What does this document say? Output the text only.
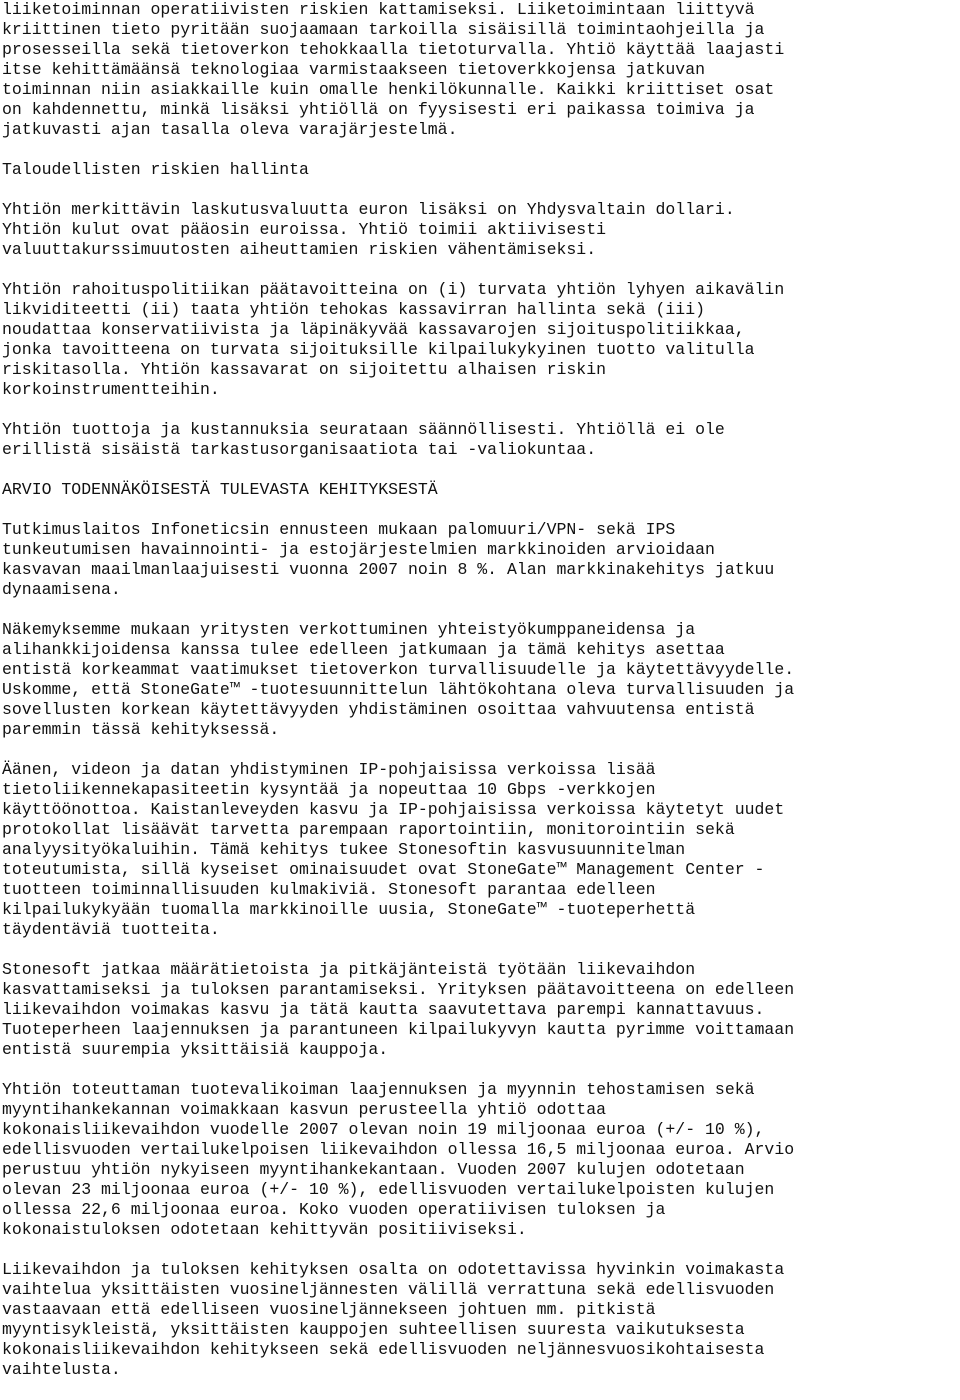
liiketoiminnan operatiivisten riskien kattamiseksi. Liiketoimintaan liittyvä
kriittinen tieto pyritään suojaamaan tarkoilla sisäisillä toimintaohjeilla ja
prosesseilla sekä tietoverkon tehokkaalla tietoturvalla. Yhtiö käyttää laajasti
itse kehittämäänsä teknologiaa varmistaakseen tietoverkkojensa jatkuvan
toiminnan niin asiakkaille kuin omalle henkilökunnalle. Kaikki kriittiset osat
on kahdennettu, minkä lisäksi yhtiöllä on fyysisesti eri paikassa toimiva ja
jatkuvasti ajan tasalla oleva varajärjestelmä.

Taloudellisten riskien hallinta

Yhtiön merkittävin laskutusvaluutta euron lisäksi on Yhdysvaltain dollari.
Yhtiön kulut ovat pääosin euroissa. Yhtiö toimii aktiivisesti
valuuttakurssimuutosten aiheuttamien riskien vähentämiseksi.

Yhtiön rahoituspolitiikan päätavoitteina on (i) turvata yhtiön lyhyen aikavälin
likviditeetti (ii) taata yhtiön tehokas kassavirran hallinta sekä (iii)
noudattaa konservatiivista ja läpinäkyvää kassavarojen sijoituspolitiikkaa,
jonka tavoitteena on turvata sijoituksille kilpailukykyinen tuotto valitulla
riskitasolla. Yhtiön kassavarat on sijoitettu alhaisen riskin
korkoinstrumentteihin.

Yhtiön tuottoja ja kustannuksia seurataan säännöllisesti. Yhtiöllä ei ole
erillistä sisäistä tarkastusorganisaatiota tai -valiokuntaa.

ARVIO TODENNÄKÖISESTÄ TULEVASTA KEHITYKSESTÄ

Tutkimuslaitos Infoneticsin ennusteen mukaan palomuuri/VPN- sekä IPS
tunkeutumisen havainnointi- ja estojärjestelmien markkinoiden arvioidaan
kasvavan maailmanlaajuisesti vuonna 2007 noin 8 %. Alan markkinakehitys jatkuu
dynaamisena.

Näkemyksemme mukaan yritysten verkottuminen yhteistyökumppaneidensa ja
alihankkijoidensa kanssa tulee edelleen jatkumaan ja tämä kehitys asettaa
entistä korkeammat vaatimukset tietoverkon turvallisuudelle ja käytettävyydelle.
Uskomme, että StoneGate™ -tuotesuunnittelun lähtökohtana oleva turvallisuuden ja
sovellusten korkean käytettävyyden yhdistäminen osoittaa vahvuutensa entistä
paremmin tässä kehityksessä.

Äänen, videon ja datan yhdistyminen IP-pohjaisissa verkoissa lisää
tietoliikennekapasiteetin kysyntää ja nopeuttaa 10 Gbps -verkkojen
käyttöönottoa. Kaistanleveyden kasvu ja IP-pohjaisissa verkoissa käytetyt uudet
protokollat lisäävät tarvetta parempaan raportointiin, monitorointiin sekä
analyysityökaluihin. Tämä kehitys tukee Stonesoftin kasvusuunnitelman
toteutumista, sillä kyseiset ominaisuudet ovat StoneGate™ Management Center -
tuotteen toiminnallisuuden kulmakiviä. Stonesoft parantaa edelleen
kilpailukykyään tuomalla markkinoille uusia, StoneGate™ -tuoteperhettä
täydentäviä tuotteita.

Stonesoft jatkaa määrätietoista ja pitkäjänteistä työtään liikevaihdon
kasvattamiseksi ja tuloksen parantamiseksi. Yrityksen päätavoitteena on edelleen
liikevaihdon voimakas kasvu ja tätä kautta saavutettava parempi kannattavuus.
Tuoteperheen laajennuksen ja parantuneen kilpailukyvyn kautta pyrimme voittamaan
entistä suurempia yksittäisiä kauppoja.

Yhtiön toteuttaman tuotevalikoiman laajennuksen ja myynnin tehostamisen sekä
myyntihankekannan voimakkaan kasvun perusteella yhtiö odottaa
kokonaisliikevaihdon vuodelle 2007 olevan noin 19 miljoonaa euroa (+/- 10 %),
edellisvuoden vertailukelpoisen liikevaihdon ollessa 16,5 miljoonaa euroa. Arvio
perustuu yhtiön nykyiseen myyntihankekantaan. Vuoden 2007 kulujen odotetaan
olevan 23 miljoonaa euroa (+/- 10 %), edellisvuoden vertailukelpoisten kulujen
ollessa 22,6 miljoonaa euroa. Koko vuoden operatiivisen tuloksen ja
kokonaistuloksen odotetaan kehittyvän positiiviseksi.

Liikevaihdon ja tuloksen kehityksen osalta on odotettavissa hyvinkin voimakasta
vaihtelua yksittäisten vuosineljännesten välillä verrattuna sekä edellisvuoden
vastaavaan että edelliseen vuosineljännekseen johtuen mm. pitkistä
myyntisykleistä, yksittäisten kauppojen suhteellisen suuresta vaikutuksesta
kokonaisliikevaihdon kehitykseen sekä edellisvuoden neljännesvuosikohtaisesta
vaihtelusta.
